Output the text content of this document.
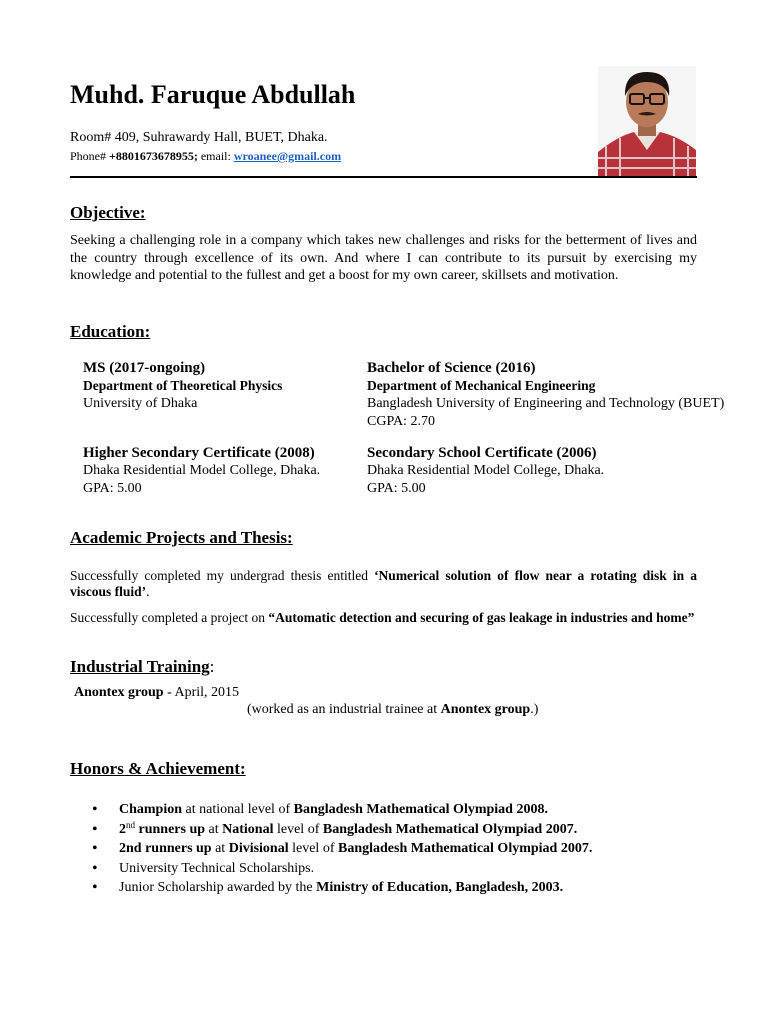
Muhd. Faruque Abdullah
Room# 409, Suhrawardy Hall, BUET, Dhaka.
Phone# +8801673678955; email: wroanee@gmail.com
Objective:
Seeking a challenging role in a company which takes new challenges and risks for the betterment of lives and the country through excellence of its own. And where I can contribute to its pursuit by exercising my knowledge and potential to the fullest and get a boost for my own career, skillsets and motivation.
Education:
MS (2017-ongoing)
Department of Theoretical Physics
University of Dhaka
Bachelor of Science (2016)
Department of Mechanical Engineering
Bangladesh University of Engineering and Technology (BUET)
CGPA: 2.70
Higher Secondary Certificate (2008)
Dhaka Residential Model College, Dhaka.
GPA: 5.00
Secondary School Certificate (2006)
Dhaka Residential Model College, Dhaka.
GPA: 5.00
Academic Projects and Thesis:
Successfully completed my undergrad thesis entitled ‘Numerical solution of flow near a rotating disk in a viscous fluid’.
Successfully completed a project on “Automatic detection and securing of gas leakage in industries and home”
Industrial Training:
Anontex group - April, 2015
(worked as an industrial trainee at Anontex group.)
Honors & Achievement:
• Champion at national level of Bangladesh Mathematical Olympiad 2008.
• 2nd runners up at National level of Bangladesh Mathematical Olympiad 2007.
• 2nd runners up at Divisional level of Bangladesh Mathematical Olympiad 2007.
• University Technical Scholarships.
• Junior Scholarship awarded by the Ministry of Education, Bangladesh, 2003.
